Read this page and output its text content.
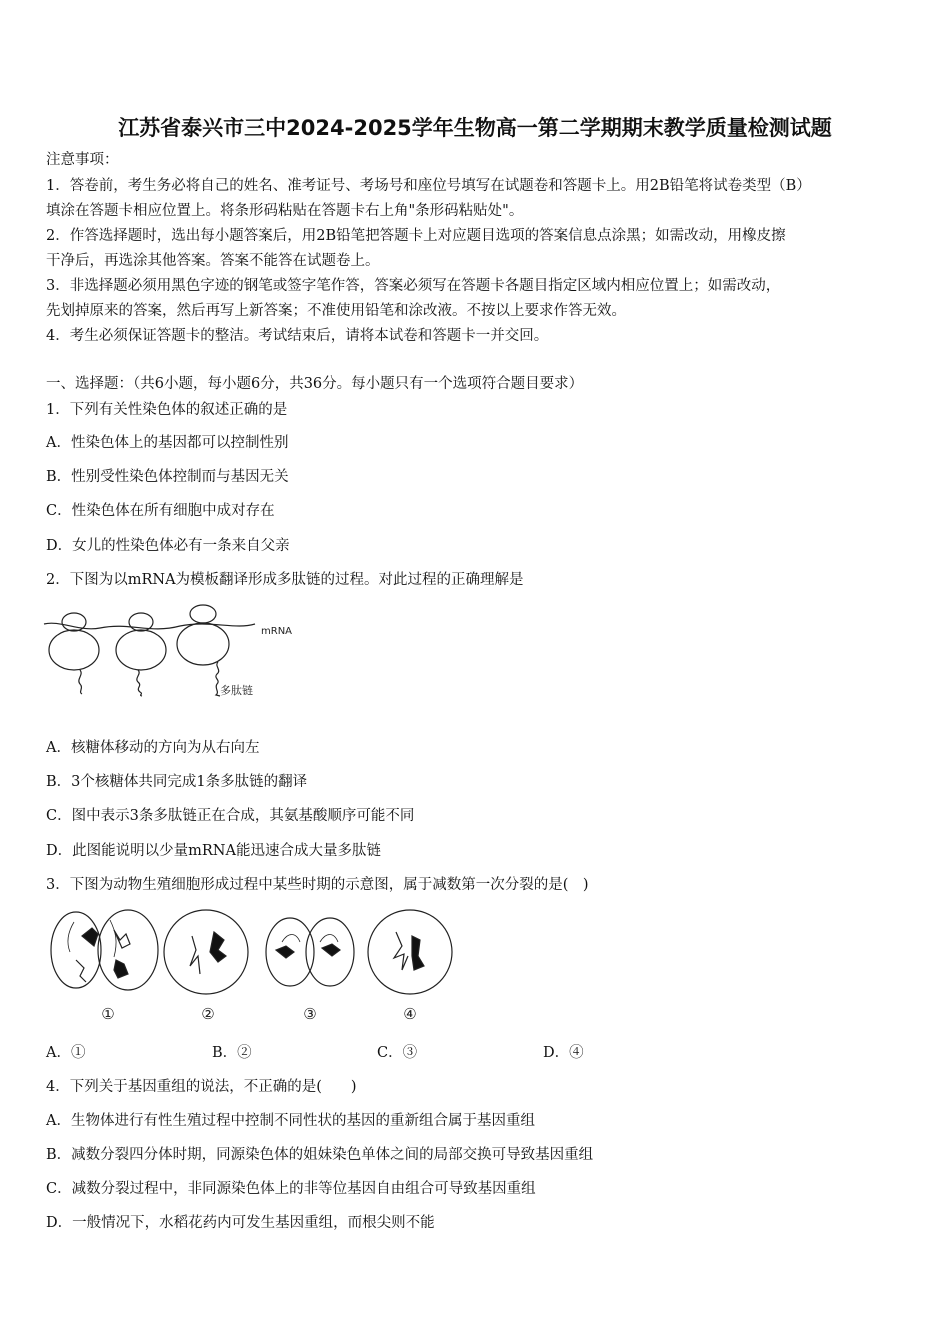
江苏省泰兴市三中2024-2025学年生物高一第二学期期末教学质量检测试题
注意事项：
1．答卷前，考生务必将自己的姓名、准考证号、考场号和座位号填写在试题卷和答题卡上。用2B铅笔将试卷类型（B）
填涂在答题卡相应位置上。将条形码粘贴在答题卡右上角"条形码粘贴处"。
2．作答选择题时，选出每小题答案后，用2B铅笔把答题卡上对应题目选项的答案信息点涂黑；如需改动，用橡皮擦
干净后，再选涂其他答案。答案不能答在试题卷上。
3．非选择题必须用黑色字迹的钢笔或签字笔作答，答案必须写在答题卡各题目指定区域内相应位置上；如需改动，
先划掉原来的答案，然后再写上新答案；不准使用铅笔和涂改液。不按以上要求作答无效。
4．考生必须保证答题卡的整洁。考试结束后，请将本试卷和答题卡一并交回。
一、选择题：（共6小题，每小题6分，共36分。每小题只有一个选项符合题目要求）
1．下列有关性染色体的叙述正确的是
A．性染色体上的基因都可以控制性别
B．性别受性染色体控制而与基因无关
C．性染色体在所有细胞中成对存在
D．女儿的性染色体必有一条来自父亲
2．下图为以mRNA为模板翻译形成多肽链的过程。对此过程的正确理解是
mRNA
多肽链
A．核糖体移动的方向为从右向左
B．3个核糖体共同完成1条多肽链的翻译
C．图中表示3条多肽链正在合成，其氨基酸顺序可能不同
D．此图能说明以少量mRNA能迅速合成大量多肽链
3．下图为动物生殖细胞形成过程中某些时期的示意图，属于减数第一次分裂的是(　)
①	②	③	④
A．①	B．②	C．③	D．④
4．下列关于基因重组的说法，不正确的是(　　)
A．生物体进行有性生殖过程中控制不同性状的基因的重新组合属于基因重组
B．减数分裂四分体时期，同源染色体的姐妹染色单体之间的局部交换可导致基因重组
C．减数分裂过程中，非同源染色体上的非等位基因自由组合可导致基因重组
D．一般情况下，水稻花药内可发生基因重组，而根尖则不能
